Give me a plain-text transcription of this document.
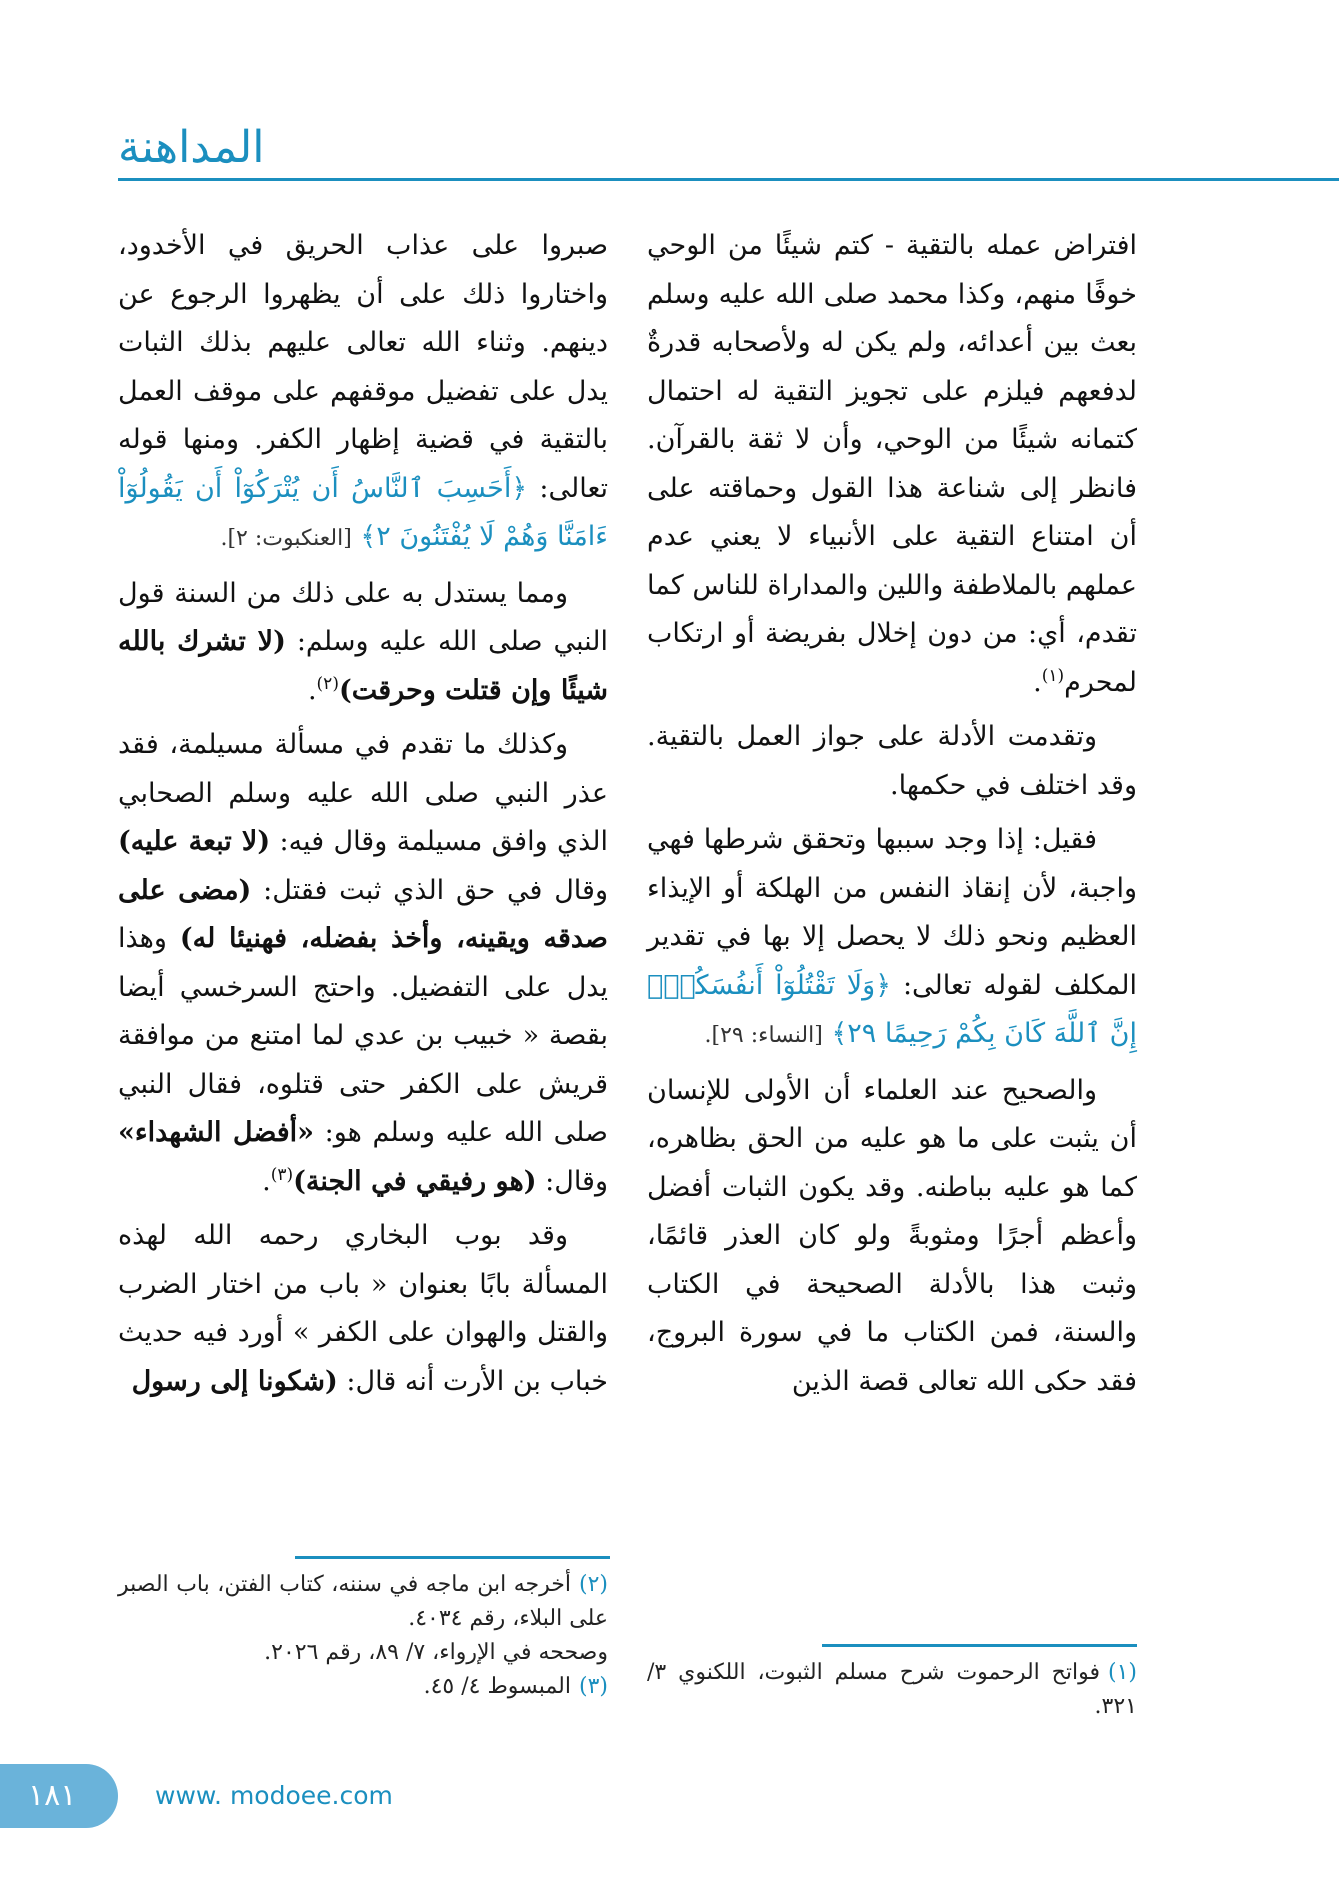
المداهنة

افتراض عمله بالتقية - كتم شيئًا من الوحي خوفًا منهم، وكذا محمد صلى الله عليه وسلم بعث بين أعدائه، ولم يكن له ولأصحابه قدرةٌ لدفعهم فيلزم على تجويز التقية له احتمال كتمانه شيئًا من الوحي، وأن لا ثقة بالقرآن. فانظر إلى شناعة هذا القول وحماقته على أن امتناع التقية على الأنبياء لا يعني عدم عملهم بالملاطفة واللين والمداراة للناس كما تقدم، أي: من دون إخلال بفريضة أو ارتكاب لمحرم$^{(١)}$.

وتقدمت الأدلة على جواز العمل بالتقية. وقد اختلف في حكمها.

فقيل: إذا وجد سببها وتحقق شرطها فهي واجبة، لأن إنقاذ النفس من الهلكة أو الإيذاء العظيم ونحو ذلك لا يحصل إلا بها في تقدير المكلف لقوله تعالى: ﴿وَلَا تَقْتُلُوٓاْ أَنفُسَكُمْۚ إِنَّ ٱللَّهَ كَانَ بِكُمْ رَحِيمًا ٢٩﴾ [النساء: ٢٩].

والصحيح عند العلماء أن الأولى للإنسان أن يثبت على ما هو عليه من الحق بظاهره، كما هو عليه بباطنه. وقد يكون الثبات أفضل وأعظم أجرًا ومثوبةً ولو كان العذر قائمًا، وثبت هذا بالأدلة الصحيحة في الكتاب والسنة، فمن الكتاب ما في سورة البروج، فقد حكى الله تعالى قصة الذين

صبروا على عذاب الحريق في الأخدود، واختاروا ذلك على أن يظهروا الرجوع عن دينهم. وثناء الله تعالى عليهم بذلك الثبات يدل على تفضيل موقفهم على موقف العمل بالتقية في قضية إظهار الكفر. ومنها قوله تعالى: ﴿أَحَسِبَ ٱلنَّاسُ أَن يُتْرَكُوٓاْ أَن يَقُولُوٓاْ ءَامَنَّا وَهُمْ لَا يُفْتَنُونَ ٢﴾ [العنكبوت: ٢].

ومما يستدل به على ذلك من السنة قول النبي صلى الله عليه وسلم: (لا تشرك بالله شيئًا وإن قتلت وحرقت)$^{(٢)}$.

وكذلك ما تقدم في مسألة مسيلمة، فقد عذر النبي صلى الله عليه وسلم الصحابي الذي وافق مسيلمة وقال فيه: (لا تبعة عليه) وقال في حق الذي ثبت فقتل: (مضى على صدقه ويقينه، وأخذ بفضله، فهنيئا له) وهذا يدل على التفضيل. واحتج السرخسي أيضا بقصة « خبيب بن عدي لما امتنع من موافقة قريش على الكفر حتى قتلوه، فقال النبي صلى الله عليه وسلم هو: «أفضل الشهداء» وقال: (هو رفيقي في الجنة)$^{(٣)}$.

وقد بوب البخاري رحمه الله لهذه المسألة بابًا بعنوان « باب من اختار الضرب والقتل والهوان على الكفر » أورد فيه حديث خباب بن الأرت أنه قال: (شكونا إلى رسول

(١)فواتح الرحموت شرح مسلم الثبوت، اللكنوي ٣/ ٣٢١.

(٢)أخرجه ابن ماجه في سننه، كتاب الفتن، باب الصبر على البلاء، رقم ٤٠٣٤.

وصححه في الإرواء، ٧/ ٨٩، رقم ٢٠٢٦.

(٣)المبسوط ٤/ ٤٥.

١٨١	www. modoee.com
